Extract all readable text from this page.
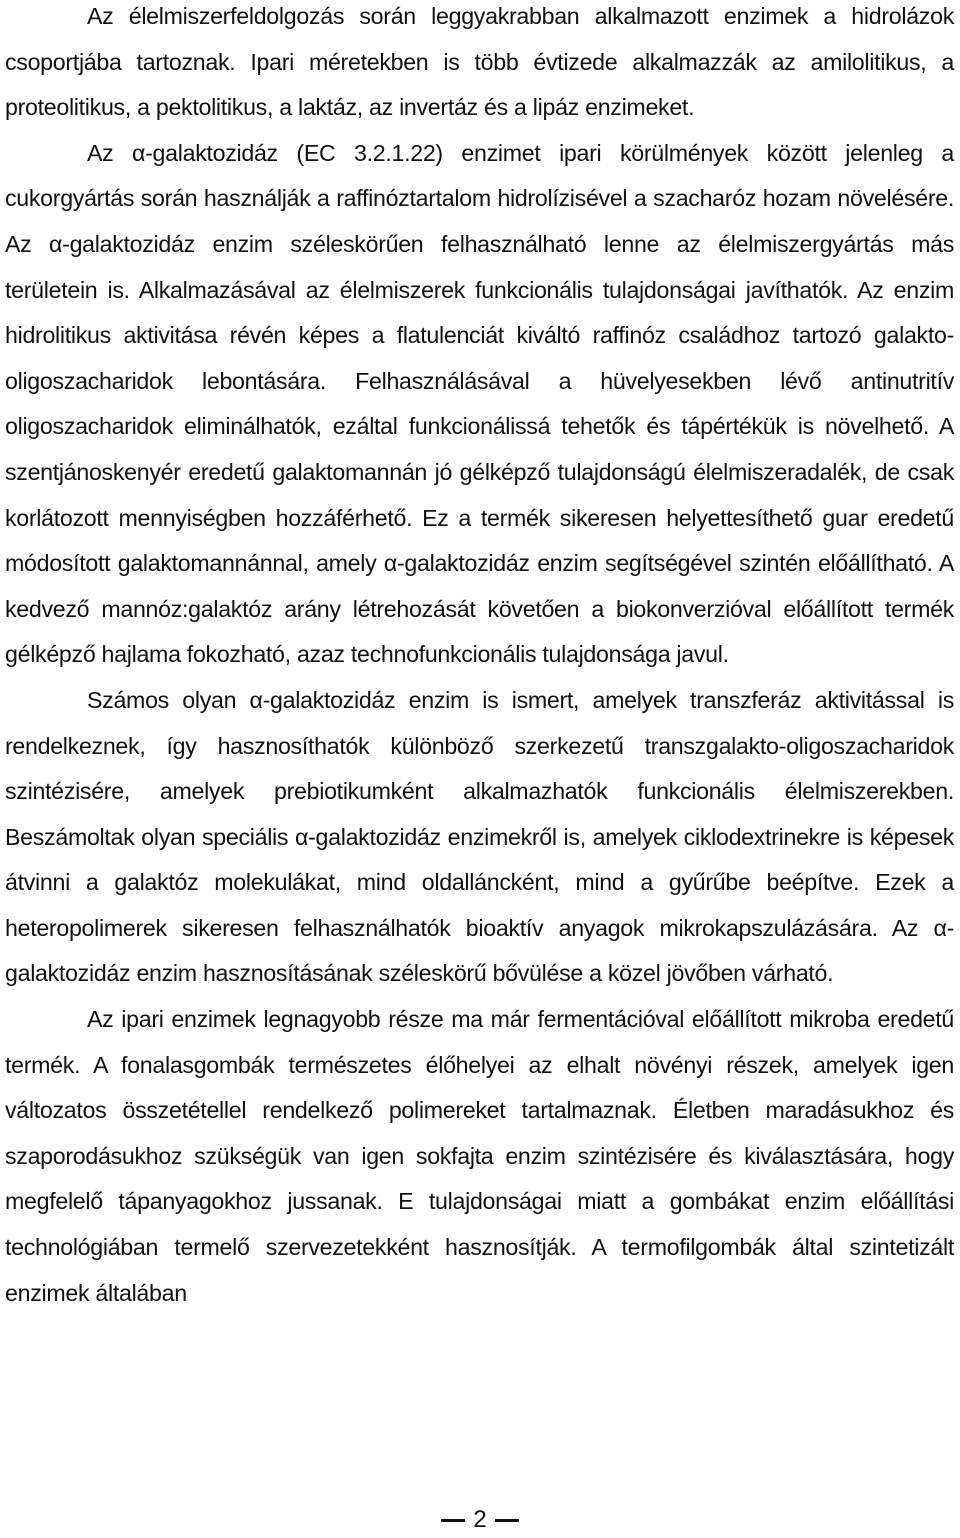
Az élelmiszerfeldolgozás során leggyakrabban alkalmazott enzimek a hidrolázok csoportjába tartoznak. Ipari méretekben is több évtizede alkalmazzák az amilolitikus, a proteolitikus, a pektolitikus, a laktáz, az invertáz és a lipáz enzimeket.

Az α-galaktozidáz (EC 3.2.1.22) enzimet ipari körülmények között jelenleg a cukorgyártás során használják a raffinóztartalom hidrolízisével a szacharóz hozam növelésére. Az α-galaktozidáz enzim széleskörűen felhasználható lenne az élelmiszergyártás más területein is. Alkalmazásával az élelmiszerek funkcionális tulajdonságai javíthatók. Az enzim hidrolitikus aktivitása révén képes a flatulenciát kiváltó raffinóz családhoz tartozó galakto-oligoszacharidok lebontására. Felhasználásával a hüvelyesekben lévő antinutritív oligoszacharidok eliminálhatók, ezáltal funkcionálissá tehetők és tápértékük is növelhető. A szentjánoskenyér eredetű galaktomannán jó gélképző tulajdonságú élelmiszeradalék, de csak korlátozott mennyiségben hozzáférhető. Ez a termék sikeresen helyettesíthető guar eredetű módosított galaktomannánnal, amely α-galaktozidáz enzim segítségével szintén előállítható. A kedvező mannóz:galaktóz arány létrehozását követően a biokonverzióval előállított termék gélképző hajlama fokozható, azaz technofunkcionális tulajdonsága javul.

Számos olyan α-galaktozidáz enzim is ismert, amelyek transzferáz aktivitással is rendelkeznek, így hasznosíthatók különböző szerkezetű transzgalakto-oligoszacharidok szintézisére, amelyek prebiotikumként alkalmazhatók funkcionális élelmiszerekben. Beszámoltak olyan speciális α-galaktozidáz enzimekről is, amelyek ciklodextrinekre is képesek átvinni a galaktóz molekulákat, mind oldalláncként, mind a gyűrűbe beépítve. Ezek a heteropolimerek sikeresen felhasználhatók bioaktív anyagok mikrokapszulázására. Az α-galaktozidáz enzim hasznosításának széleskörű bővülése a közel jövőben várható.

Az ipari enzimek legnagyobb része ma már fermentációval előállított mikroba eredetű termék. A fonalasgombák természetes élőhelyei az elhalt növényi részek, amelyek igen változatos összetétellel rendelkező polimereket tartalmaznak. Életben maradásukhoz és szaporodásukhoz szükségük van igen sokfajta enzim szintézisére és kiválasztására, hogy megfelelő tápanyagokhoz jussanak. E tulajdonságai miatt a gombákat enzim előállítási technológiában termelő szervezetekként hasznosítják. A termofilgombák által szintetizált enzimek általában

2
